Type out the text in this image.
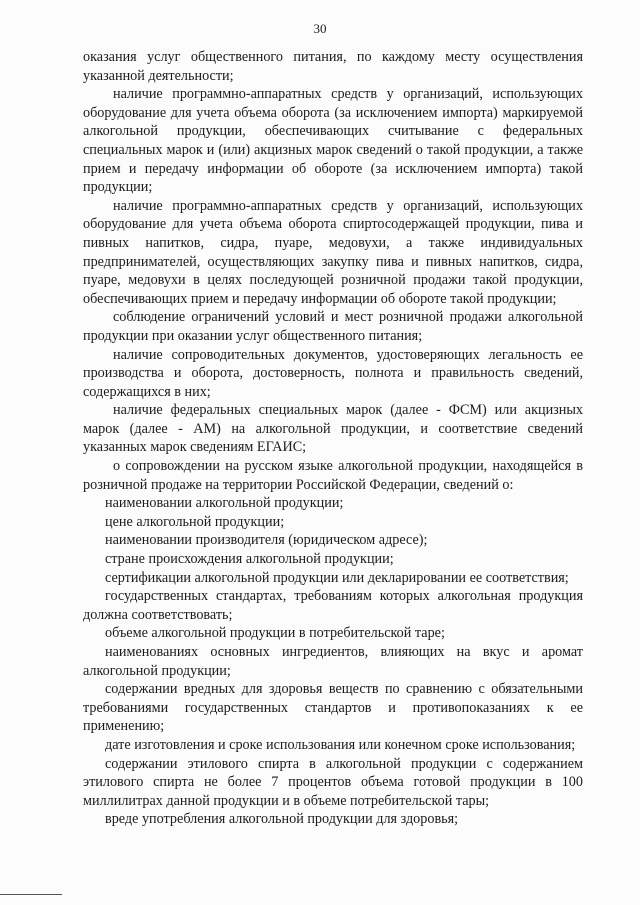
30

оказания услуг общественного питания, по каждому месту осуществления указанной деятельности;

наличие программно-аппаратных средств у организаций, использующих оборудование для учета объема оборота (за исключением импорта) маркируемой алкогольной продукции, обеспечивающих считывание с федеральных специальных марок и (или) акцизных марок сведений о такой продукции, а также прием и передачу информации об обороте (за исключением импорта) такой продукции;

наличие программно-аппаратных средств у организаций, использующих оборудование для учета объема оборота спиртосодержащей продукции, пива и пивных напитков, сидра, пуаре, медовухи, а также индивидуальных предпринимателей, осуществляющих закупку пива и пивных напитков, сидра, пуаре, медовухи в целях последующей розничной продажи такой продукции, обеспечивающих прием и передачу информации об обороте такой продукции;

соблюдение ограничений условий и мест розничной продажи алкогольной продукции при оказании услуг общественного питания;

наличие сопроводительных документов, удостоверяющих легальность ее производства и оборота, достоверность, полнота и правильность сведений, содержащихся в них;

наличие федеральных специальных марок (далее - ФСМ) или акцизных марок (далее - АМ) на алкогольной продукции, и соответствие сведений указанных марок сведениям ЕГАИС;

о сопровождении на русском языке алкогольной продукции, находящейся в розничной продаже на территории Российской Федерации, сведений о:

наименовании алкогольной продукции;

цене алкогольной продукции;

наименовании производителя (юридическом адресе);

стране происхождения алкогольной продукции;

сертификации алкогольной продукции или декларировании ее соответствия;

государственных стандартах, требованиям которых алкогольная продукция должна соответствовать;

объеме алкогольной продукции в потребительской таре;

наименованиях основных ингредиентов, влияющих на вкус и аромат алкогольной продукции;

содержании вредных для здоровья веществ по сравнению с обязательными требованиями государственных стандартов и противопоказаниях к ее применению;

дате изготовления и сроке использования или конечном сроке использования;

содержании этилового спирта в алкогольной продукции с содержанием этилового спирта не более 7 процентов объема готовой продукции в 100 миллилитрах данной продукции и в объеме потребительской тары;

вреде употребления алкогольной продукции для здоровья;
